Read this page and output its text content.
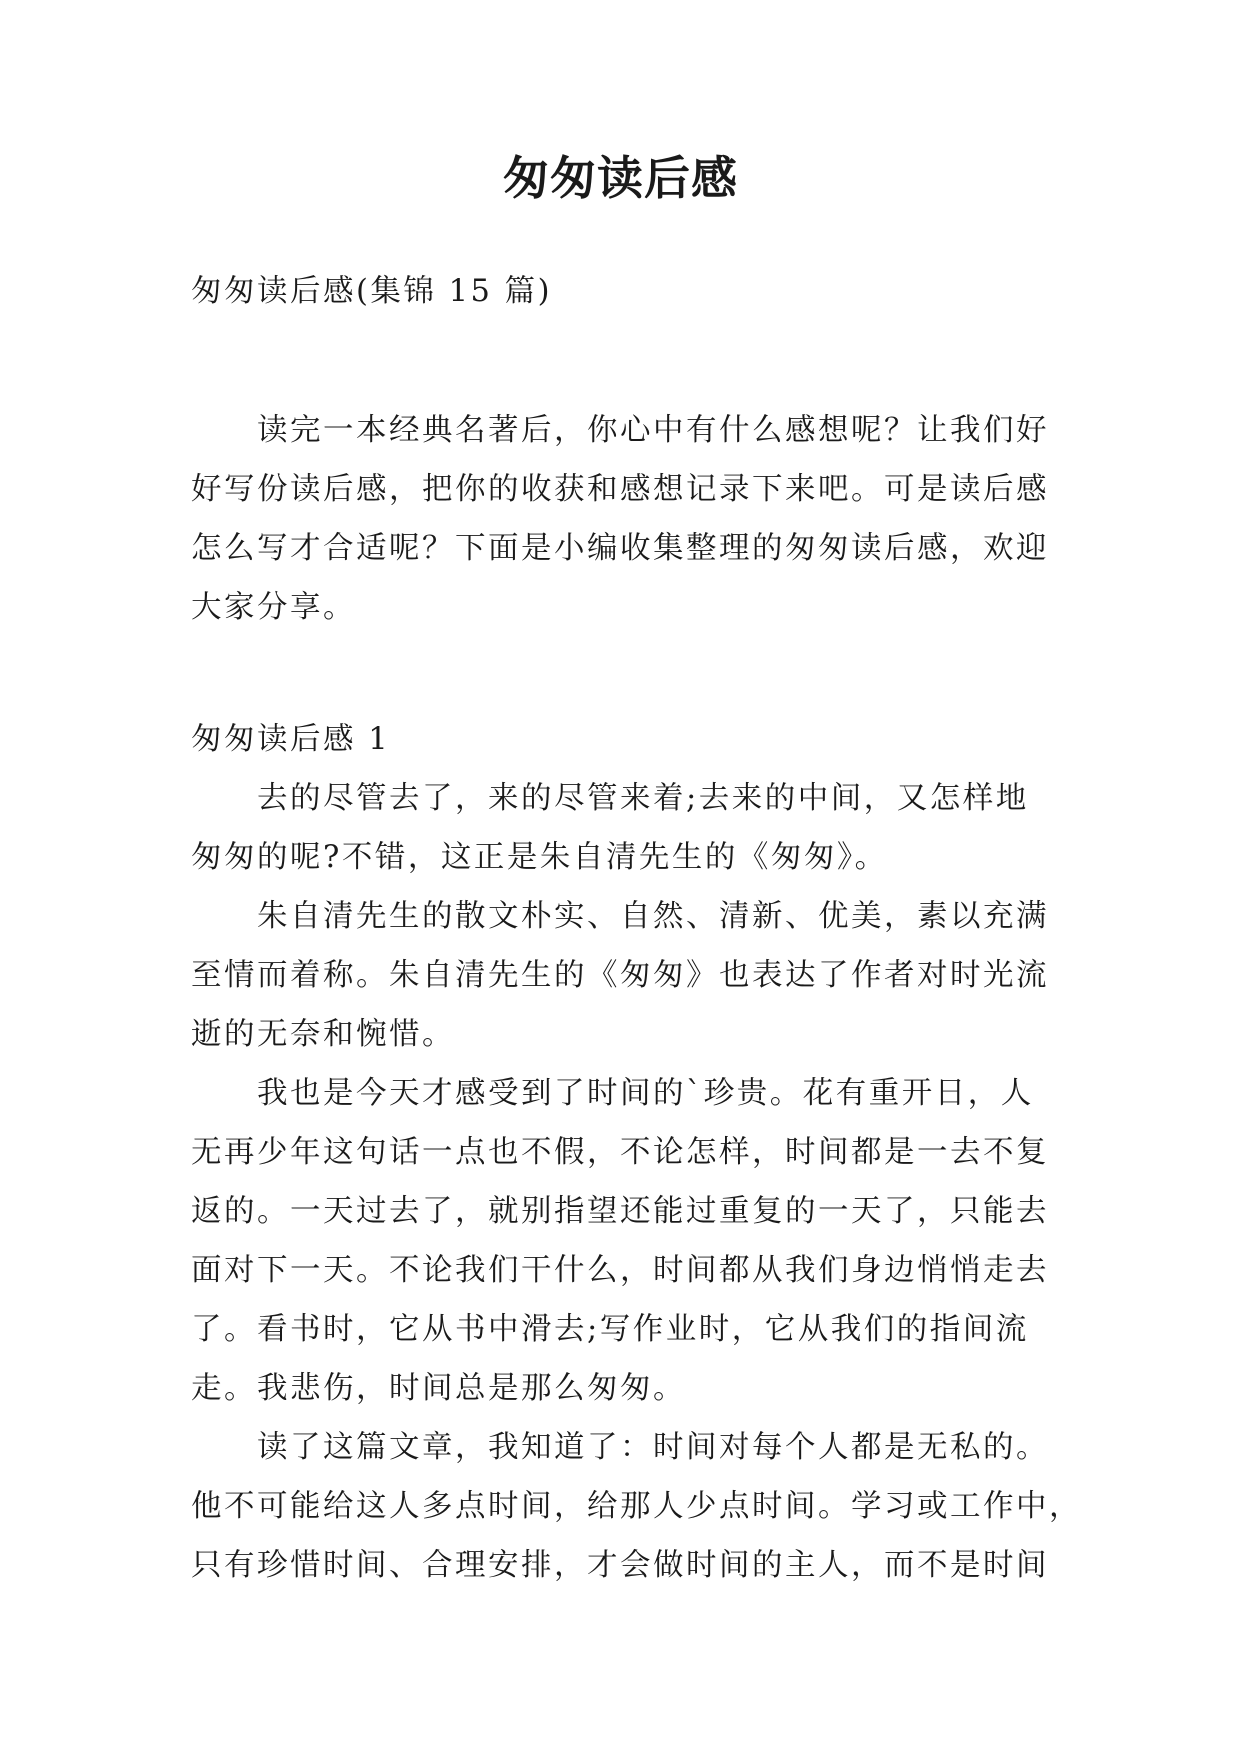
匆匆读后感
匆匆读后感(集锦 15 篇)
读完一本经典名著后，你心中有什么感想呢？让我们好
好写份读后感，把你的收获和感想记录下来吧。可是读后感
怎么写才合适呢？下面是小编收集整理的匆匆读后感，欢迎
大家分享。
匆匆读后感 1
去的尽管去了，来的尽管来着;去来的中间，又怎样地
匆匆的呢?不错，这正是朱自清先生的《匆匆》。
朱自清先生的散文朴实、自然、清新、优美，素以充满
至情而着称。朱自清先生的《匆匆》也表达了作者对时光流
逝的无奈和惋惜。
我也是今天才感受到了时间的`珍贵。花有重开日，人
无再少年这句话一点也不假，不论怎样，时间都是一去不复
返的。一天过去了，就别指望还能过重复的一天了，只能去
面对下一天。不论我们干什么，时间都从我们身边悄悄走去
了。看书时，它从书中滑去;写作业时，它从我们的指间流
走。我悲伤，时间总是那么匆匆。
读了这篇文章，我知道了：时间对每个人都是无私的。
他不可能给这人多点时间，给那人少点时间。学习或工作中，
只有珍惜时间、合理安排，才会做时间的主人，而不是时间
